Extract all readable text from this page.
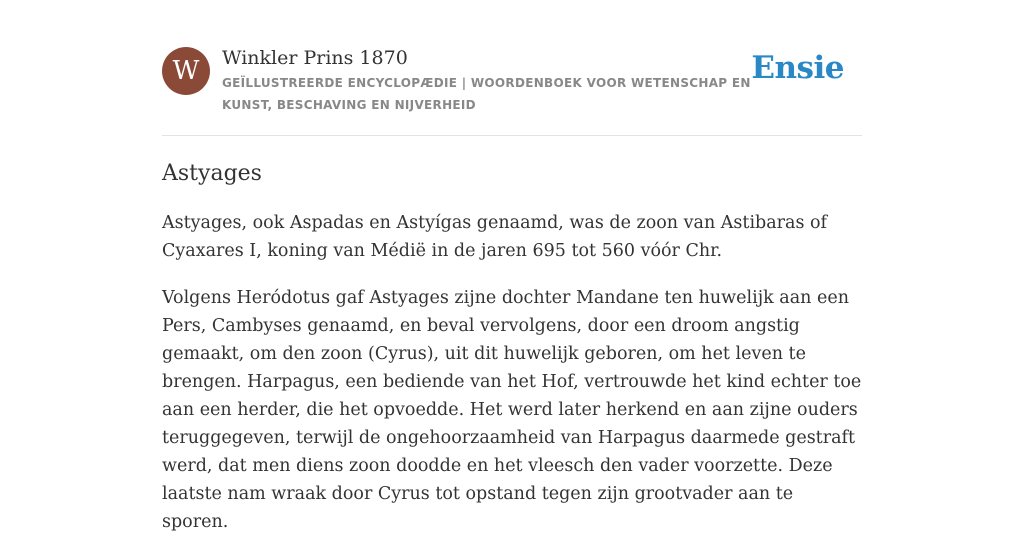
W	Winkler Prins 1870
GEÏLLUSTREERDE ENCYCLOPÆDIE | WOORDENBOEK VOOR WETENSCHAP EN KUNST, BESCHAVING EN NIJVERHEID
Ensie
Astyages

Astyages, ook Aspadas en Astyígas genaamd, was de zoon van Astibaras of Cyaxares I, koning van Médië in de jaren 695 tot 560 vóór Chr.

Volgens Heródotus gaf Astyages zijne dochter Mandane ten huwelijk aan een Pers, Cambyses genaamd, en beval vervolgens, door een droom angstig gemaakt, om den zoon (Cyrus), uit dit huwelijk geboren, om het leven te brengen. Harpagus, een bediende van het Hof, vertrouwde het kind echter toe aan een herder, die het opvoedde. Het werd later herkend en aan zijne ouders teruggegeven, terwijl de ongehoorzaamheid van Harpagus daarmede gestraft werd, dat men diens zoon doodde en het vleesch den vader voorzette. Deze laatste nam wraak door Cyrus tot opstand tegen zijn grootvader aan te sporen.
